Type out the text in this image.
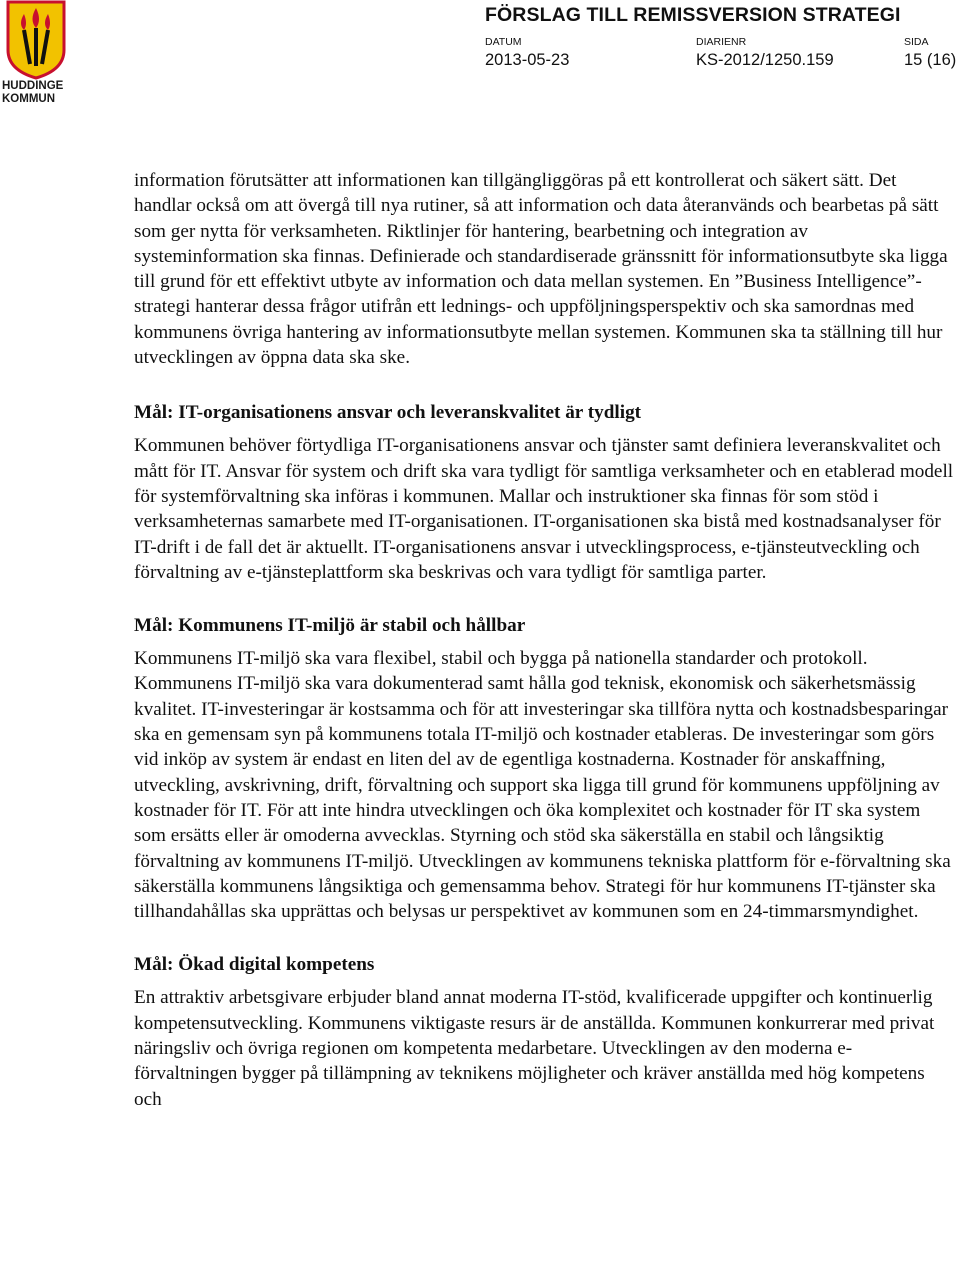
HUDDINGE
KOMMUN
FÖRSLAG TILL REMISSVERSION STRATEGI
DATUM
2013-05-23
DIARIENR
KS-2012/1250.159
SIDA
15 (16)

information förutsätter att informationen kan tillgängliggöras på ett kontrollerat och säkert sätt. Det handlar också om att övergå till nya rutiner, så att information och data återanvänds och bearbetas på sätt som ger nytta för verksamheten. Riktlinjer för hantering, bearbetning och integration av systeminformation ska finnas. Definierade och standardiserade gränssnitt för informationsutbyte ska ligga till grund för ett effektivt utbyte av information och data mellan systemen. En ”Business Intelligence”-strategi hanterar dessa frågor utifrån ett lednings- och uppföljningsperspektiv och ska samordnas med kommunens övriga hantering av informationsutbyte mellan systemen. Kommunen ska ta ställning till hur utvecklingen av öppna data ska ske.

Mål: IT-organisationens ansvar och leveranskvalitet är tydligt

Kommunen behöver förtydliga IT-organisationens ansvar och tjänster samt definiera leveranskvalitet och mått för IT. Ansvar för system och drift ska vara tydligt för samtliga verksamheter och en etablerad modell för systemförvaltning ska införas i kommunen. Mallar och instruktioner ska finnas för som stöd i verksamheternas samarbete med IT-organisationen. IT-organisationen ska bistå med kostnadsanalyser för IT-drift i de fall det är aktuellt. IT-organisationens ansvar i utvecklingsprocess, e-tjänsteutveckling och förvaltning av e-tjänsteplattform ska beskrivas och vara tydligt för samtliga parter.

Mål: Kommunens IT-miljö är stabil och hållbar

Kommunens IT-miljö ska vara flexibel, stabil och bygga på nationella standarder och protokoll. Kommunens IT-miljö ska vara dokumenterad samt hålla god teknisk, ekonomisk och säkerhetsmässig kvalitet. IT-investeringar är kostsamma och för att investeringar ska tillföra nytta och kostnadsbesparingar ska en gemensam syn på kommunens totala IT-miljö och kostnader etableras. De investeringar som görs vid inköp av system är endast en liten del av de egentliga kostnaderna. Kostnader för anskaffning, utveckling, avskrivning, drift, förvaltning och support ska ligga till grund för kommunens uppföljning av kostnader för IT. För att inte hindra utvecklingen och öka komplexitet och kostnader för IT ska system som ersätts eller är omoderna avvecklas. Styrning och stöd ska säkerställa en stabil och långsiktig förvaltning av kommunens IT-miljö. Utvecklingen av kommunens tekniska plattform för e-förvaltning ska säkerställa kommunens långsiktiga och gemensamma behov. Strategi för hur kommunens IT-tjänster ska tillhandahållas ska upprättas och belysas ur perspektivet av kommunen som en 24-timmarsmyndighet.

Mål: Ökad digital kompetens

En attraktiv arbetsgivare erbjuder bland annat moderna IT-stöd, kvalificerade uppgifter och kontinuerlig kompetensutveckling. Kommunens viktigaste resurs är de anställda. Kommunen konkurrerar med privat näringsliv och övriga regionen om kompetenta medarbetare. Utvecklingen av den moderna e-förvaltningen bygger på tillämpning av teknikens möjligheter och kräver anställda med hög kompetens och
